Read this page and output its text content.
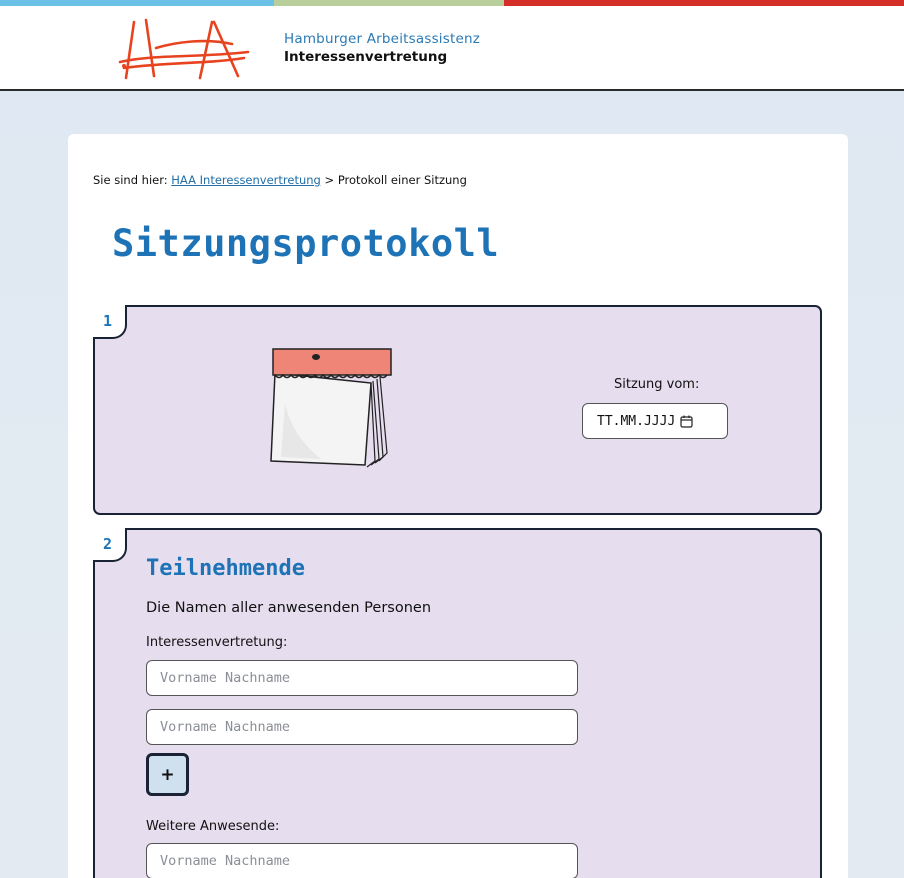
Hamburger Arbeitsassistenz
Interessenvertretung
Sie sind hier: HAA Interessenvertretung > Protokoll einer Sitzung
Sitzungsprotokoll
1
Sitzung vom:
TT.MM.JJJJ
2
Teilnehmende
Die Namen aller anwesenden Personen
Interessenvertretung:
Vorname Nachname
Vorname Nachname
+
Weitere Anwesende:
Vorname Nachname
